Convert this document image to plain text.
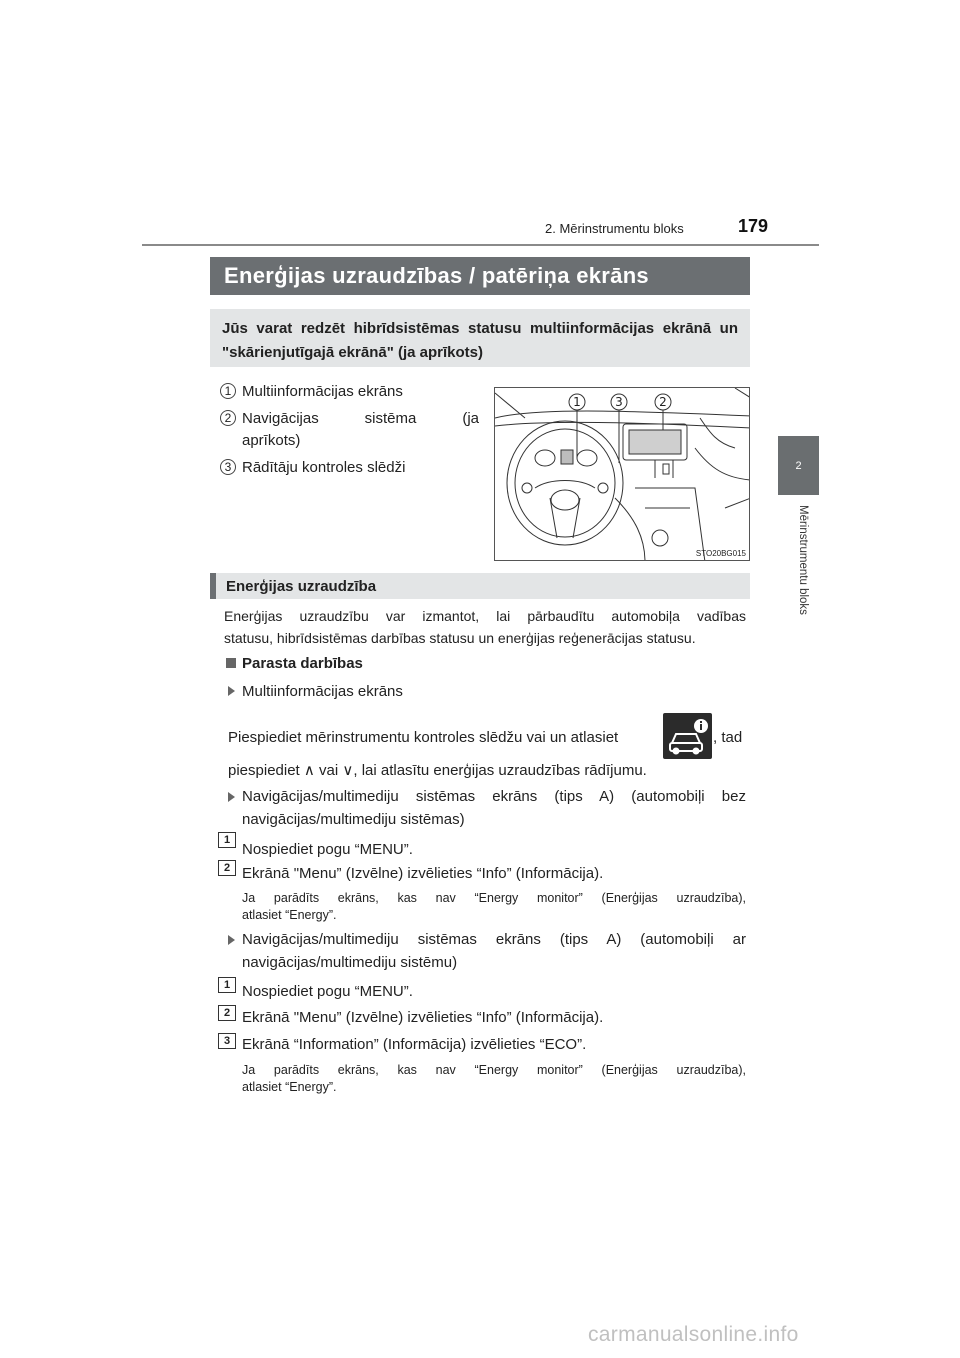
2. Mērinstrumentu bloks	179
2
Mērinstrumentu bloks
Enerģijas uzraudzības / patēriņa ekrāns
Jūs varat redzēt hibrīdsistēmas statusu multiinformācijas ekrānā un "skārienjutīgajā ekrānā" (ja aprīkots)
1 Multiinformācijas ekrāns
2 Navigācijas	sistēma	(ja
aprīkots)
3 Rādītāju kontroles slēdži
1	3	2
STO20BG015
Enerģijas uzraudzība
Enerģijas uzraudzību var izmantot, lai pārbaudītu automobiļa vadības
statusu, hibrīdsistēmas darbības statusu un enerģijas reģenerācijas statusu.
Parasta darbības
Multiinformācijas ekrāns
Piespiediet mērinstrumentu kontroles slēdžu vai un atlasiet	, tad
piespiediet ∧ vai ∨, lai atlasītu enerģijas uzraudzības rādījumu.
Navigācijas/multimediju sistēmas ekrāns (tips A) (automobiļi bez
navigācijas/multimediju sistēmas)
1
Nospiediet pogu “MENU”.
2 Ekrānā "Menu” (Izvēlne) izvēlieties “Info” (Informācija).
Ja parādīts ekrāns, kas nav “Energy monitor” (Enerģijas uzraudzība),
atlasiet “Energy”.
Navigācijas/multimediju sistēmas ekrāns (tips A) (automobiļi ar
navigācijas/multimediju sistēmu)
1 Nospiediet pogu “MENU”.
2 Ekrānā "Menu” (Izvēlne) izvēlieties “Info” (Informācija).
3 Ekrānā “Information” (Informācija) izvēlieties “ECO”.
Ja parādīts ekrāns, kas nav “Energy monitor” (Enerģijas uzraudzība),
atlasiet “Energy”.
carmanualsonline.info
